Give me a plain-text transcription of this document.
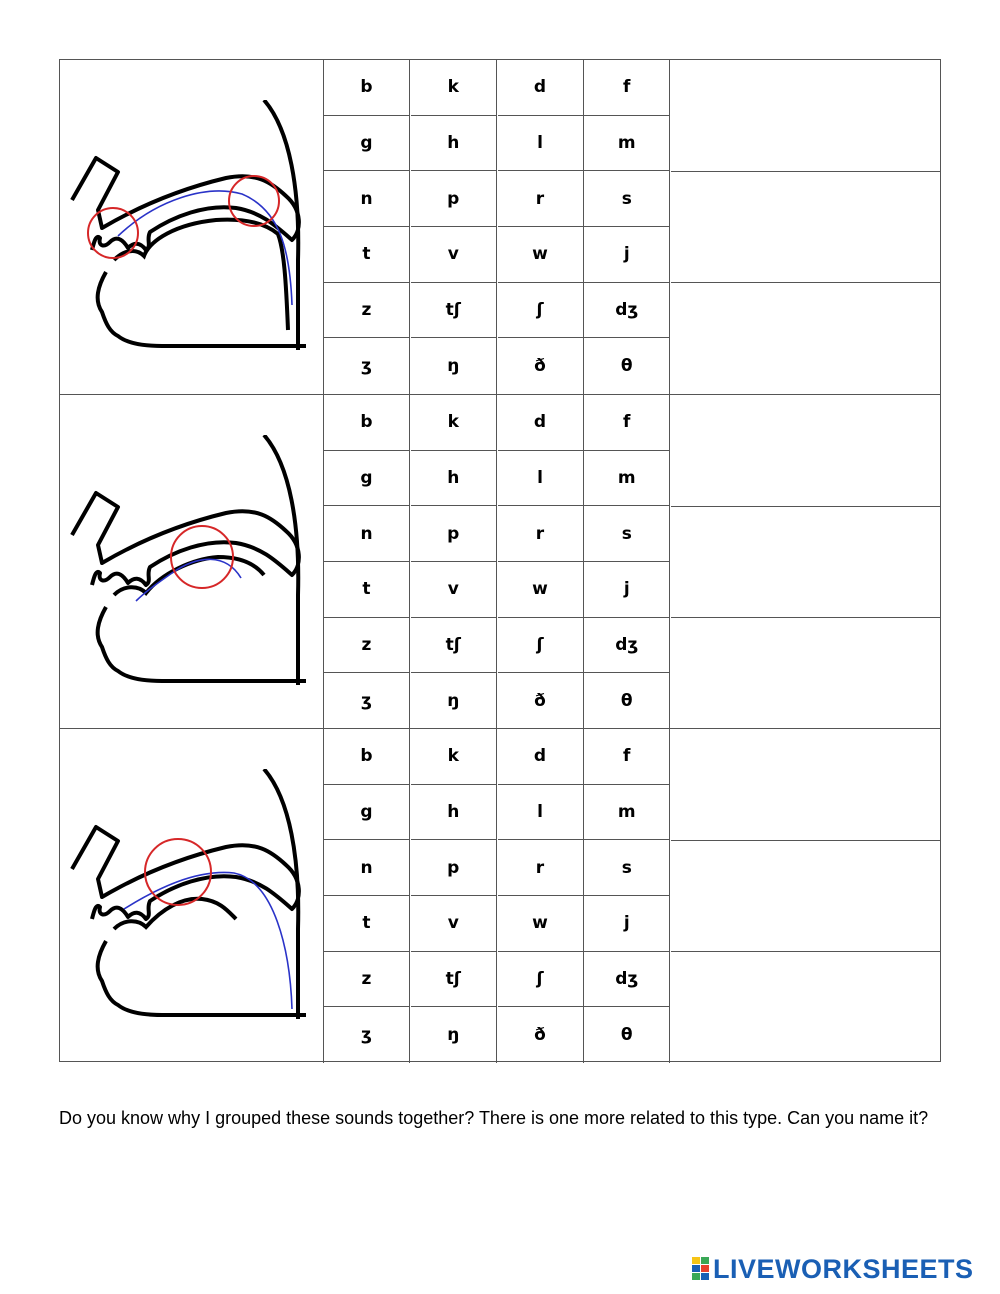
b	k	d	f
g	h	l	m
n	p	r	s
t	v	w	j
z	tʃ	ʃ	dʒ
ʒ	ŋ	ð	θ
b	k	d	f
g	h	l	m
n	p	r	s
t	v	w	j
z	tʃ	ʃ	dʒ
ʒ	ŋ	ð	θ
b	k	d	f
g	h	l	m
n	p	r	s
t	v	w	j
z	tʃ	ʃ	dʒ
ʒ	ŋ	ð	θ
Do you know why I grouped these sounds together? There is one more related to this type. Can you name it?
LIVEWORKSHEETS
